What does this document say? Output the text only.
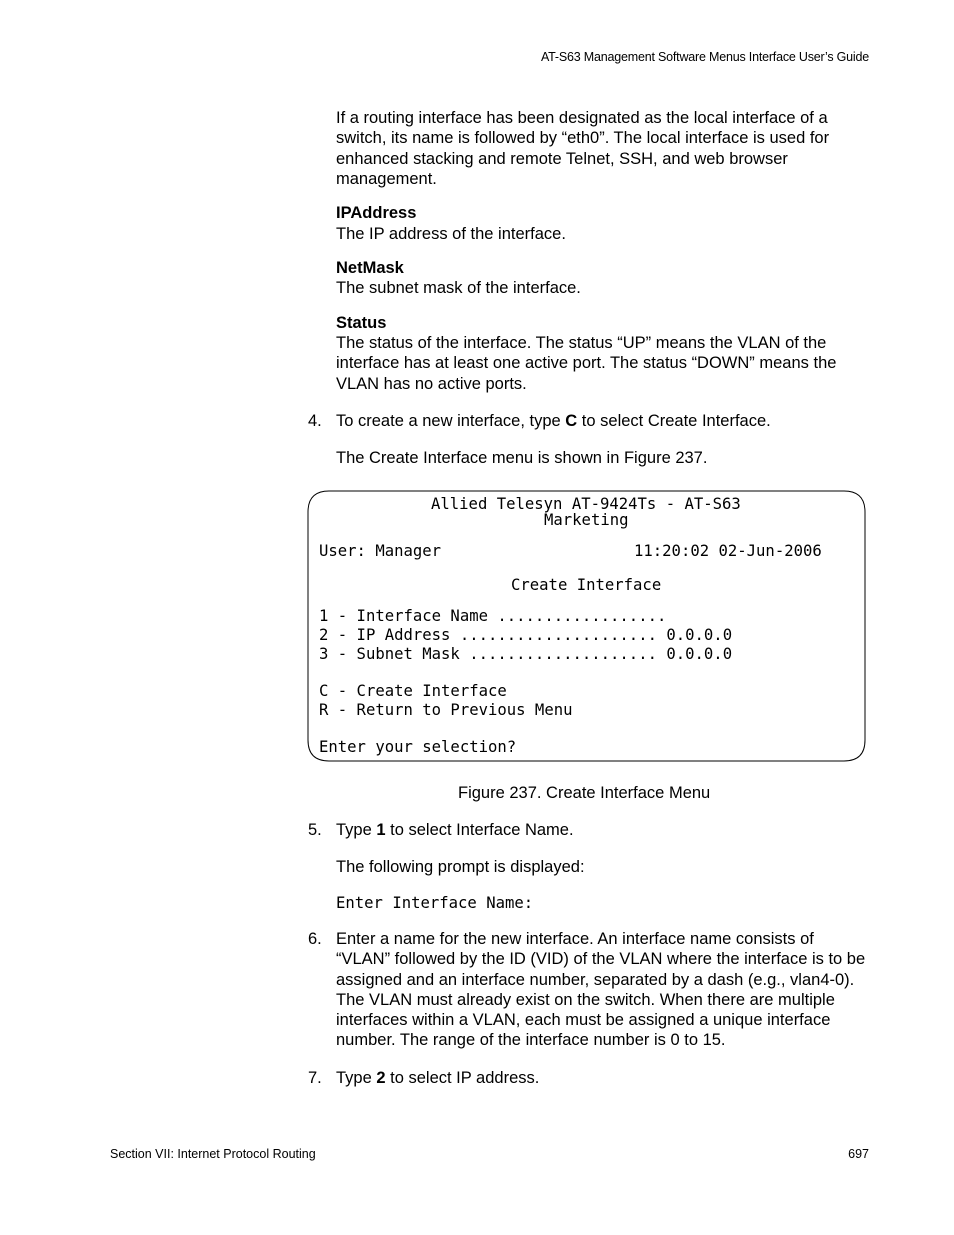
AT-S63 Management Software Menus Interface User’s Guide
If a routing interface has been designated as the local interface of a switch, its name is followed by “eth0”. The local interface is used for enhanced stacking and remote Telnet, SSH, and web browser management.
IPAddress
The IP address of the interface.
NetMask
The subnet mask of the interface.
Status
The status of the interface. The status “UP” means the VLAN of the interface has at least one active port. The status “DOWN” means the VLAN has no active ports.
4. To create a new interface, type C to select Create Interface.
The Create Interface menu is shown in Figure 237.
Allied Telesyn AT-9424Ts - AT-S63
Marketing
User: Manager	11:20:02 02-Jun-2006
Create Interface
1 - Interface Name ..................
2 - IP Address ..................... 0.0.0.0
3 - Subnet Mask .................... 0.0.0.0
C - Create Interface
R - Return to Previous Menu
Enter your selection?
Figure 237. Create Interface Menu
5. Type 1 to select Interface Name.
The following prompt is displayed:
Enter Interface Name:
6. Enter a name for the new interface. An interface name consists of “VLAN” followed by the ID (VID) of the VLAN where the interface is to be assigned and an interface number, separated by a dash (e.g., vlan4-0). The VLAN must already exist on the switch. When there are multiple interfaces within a VLAN, each must be assigned a unique interface number. The range of the interface number is 0 to 15.
7. Type 2 to select IP address.
Section VII: Internet Protocol Routing	697
